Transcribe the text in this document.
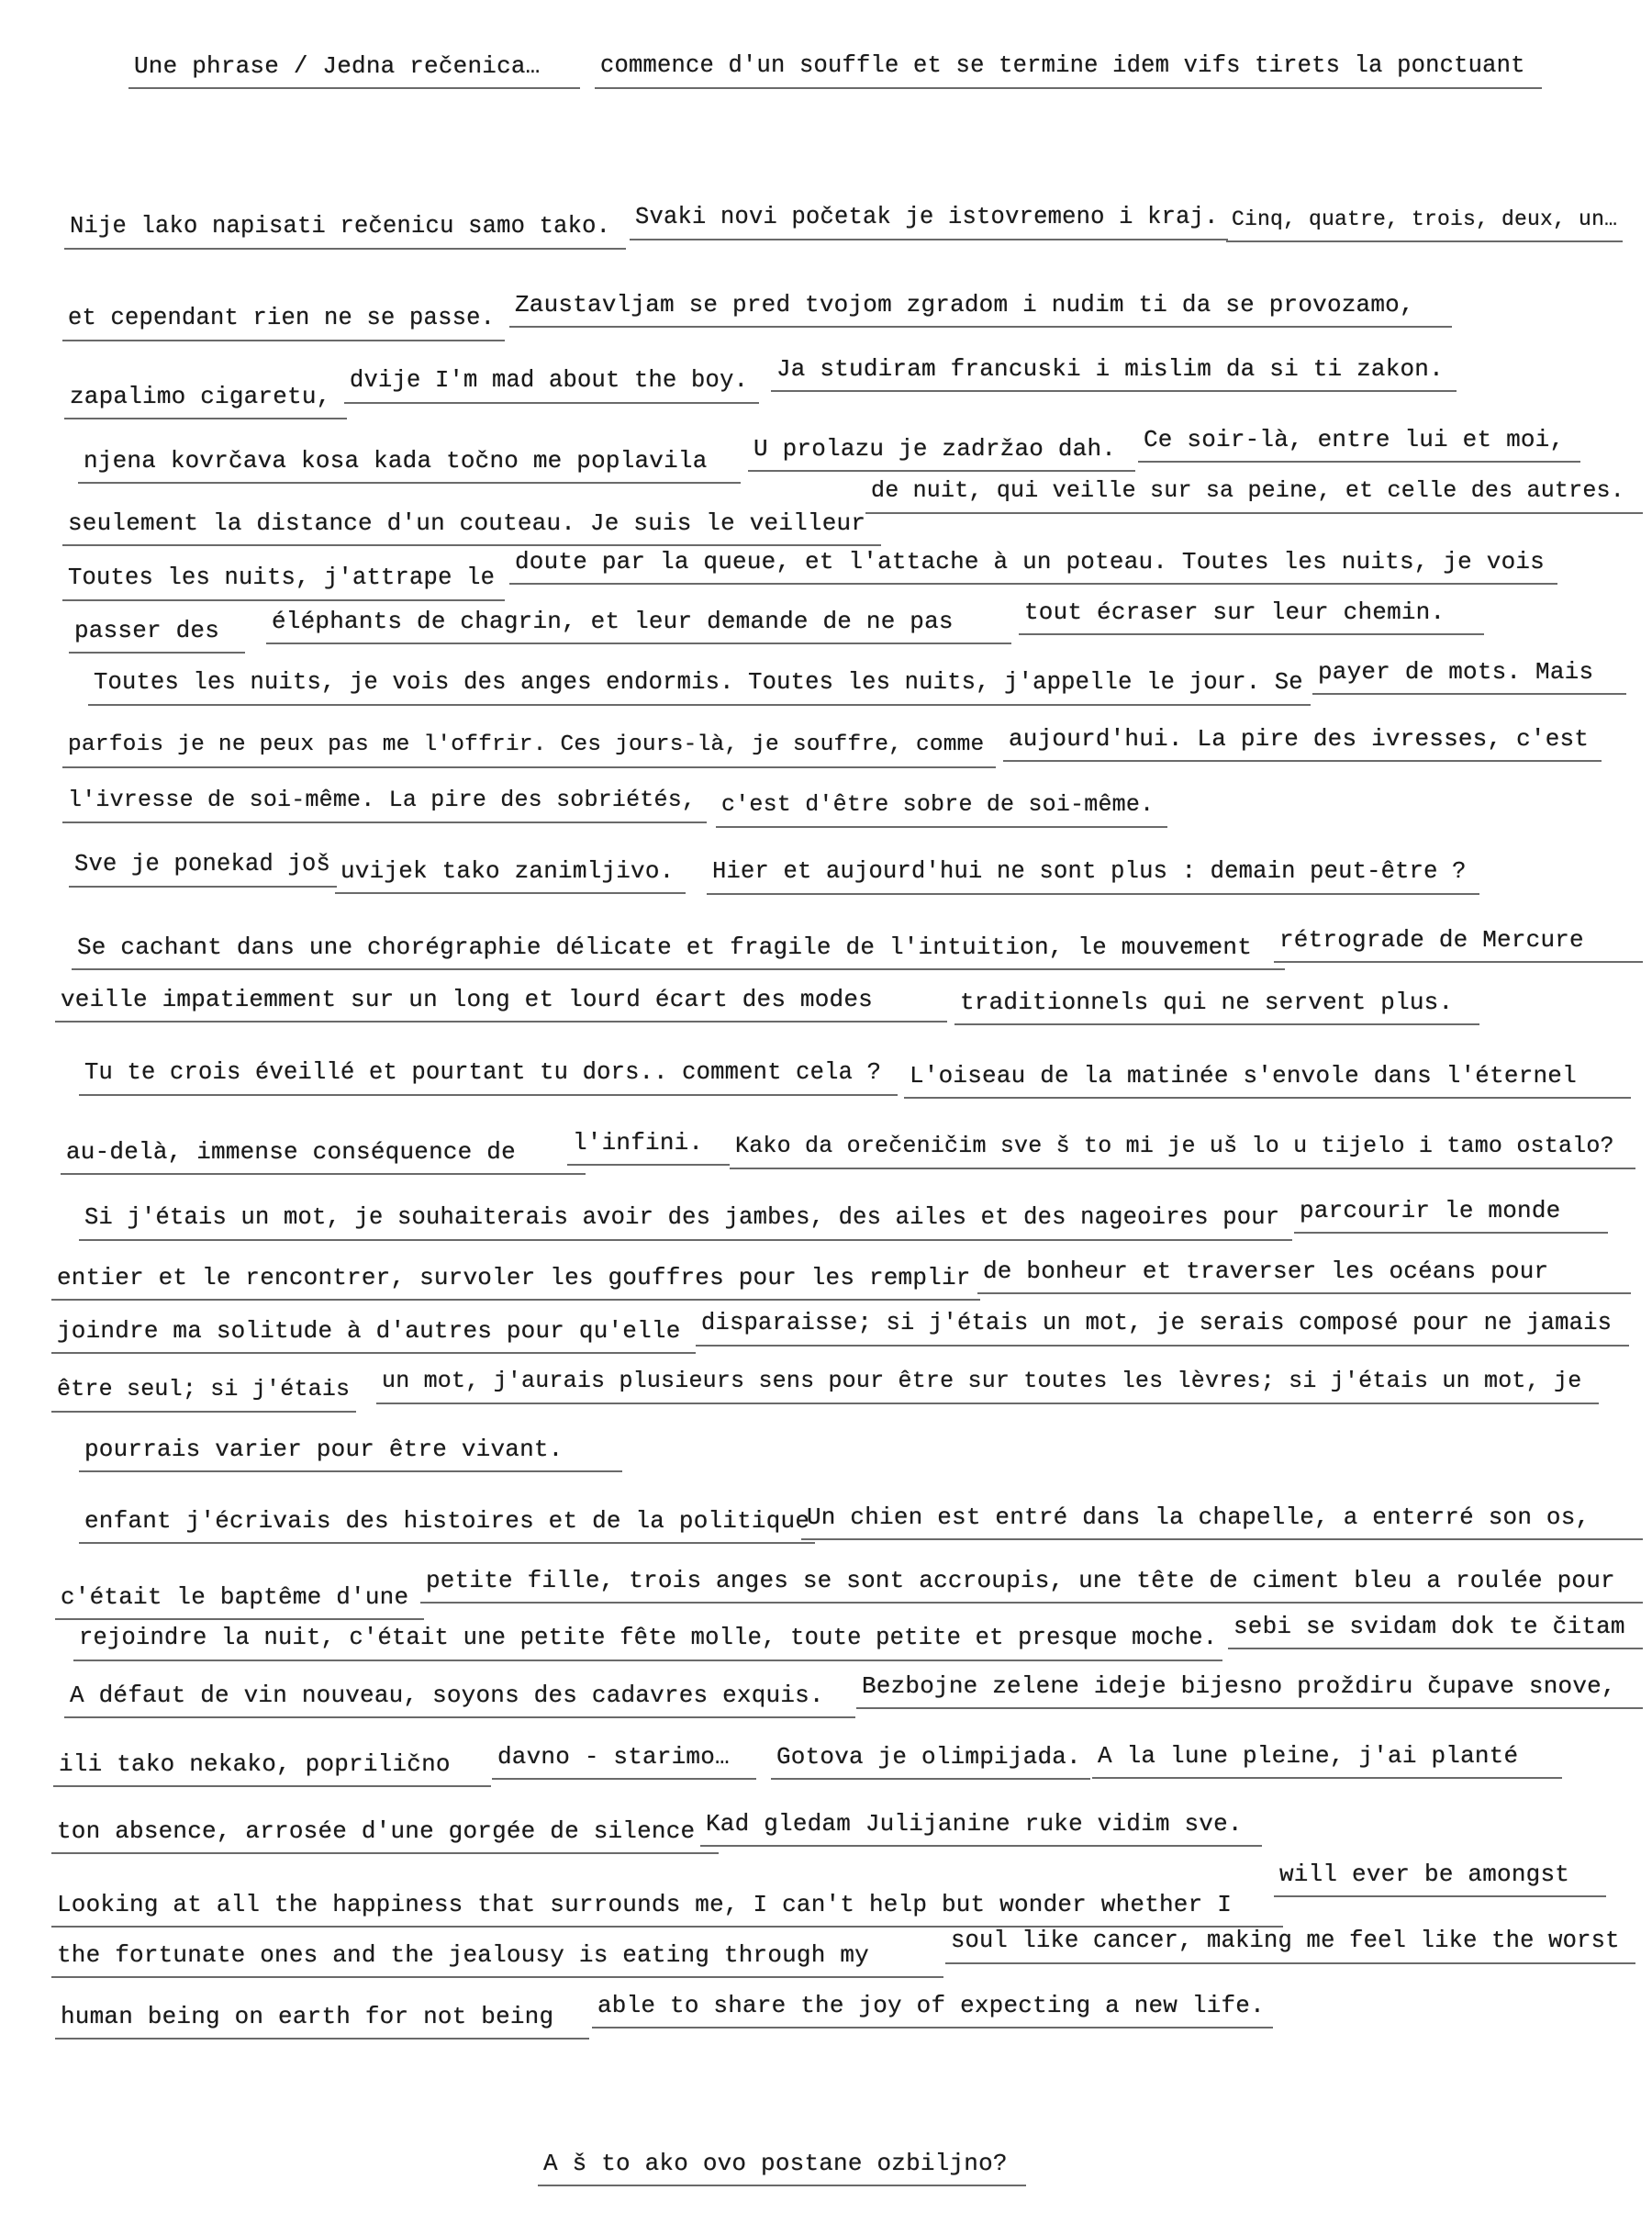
Une phrase / Jedna rečenica…	commence d'un souffle et se termine idem vifs tirets la ponctuant
Nije lako napisati rečenicu samo tako.	Svaki novi početak je istovremeno i kraj. Cinq, quatre, trois, deux, un…
et cependant rien ne se passe. Zaustavljam se pred tvojom zgradom i nudim ti da se provozamo,
zapalimo cigaretu,
dvije I'm mad about the boy.	Ja studiram francuski i mislim da si ti zakon.
njena kovrčava kosa kada točno me poplavila	U prolazu je zadržao dah.	Ce soir-là, entre lui et moi,
seulement la distance d'un couteau. Je suis le veilleur
de nuit, qui veille sur sa peine, et celle des autres.
Toutes les nuits, j'attrape le
doute par la queue, et l'attache à un poteau. Toutes les nuits, je vois
passer des	éléphants de chagrin, et leur demande de ne pas	tout écraser sur leur chemin.
Toutes les nuits, je vois des anges endormis. Toutes les nuits, j'appelle le jour. Se payer de mots. Mais
parfois je ne peux pas me l'offrir. Ces jours-là, je souffre, comme	aujourd'hui. La pire des ivresses, c'est
l'ivresse de soi-même. La pire des sobriétés,	c'est d'être sobre de soi-même.
Sve je ponekad još uvijek tako zanimljivo.	Hier et aujourd'hui ne sont plus : demain peut-être ?
Se cachant dans une chorégraphie délicate et fragile de l'intuition, le mouvement	rétrograde de Mercure
veille impatiemment sur un long et lourd écart des modes	traditionnels qui ne servent plus.
Tu te crois éveillé et pourtant tu dors.. comment cela ?	L'oiseau de la matinée s'envole dans l'éternel
au-delà, immense conséquence de	l'infini.	Kako da orečeničim sve š to mi je uš lo u tijelo i tamo ostalo?
Si j'étais un mot, je souhaiterais avoir des jambes, des ailes et des nageoires pour parcourir le monde
entier et le rencontrer, survoler les gouffres pour les remplir de bonheur et traverser les océans pour
joindre ma solitude à d'autres pour qu'elle disparaisse; si j'étais un mot, je serais composé pour ne jamais
être seul; si j'étais un mot, j'aurais plusieurs sens pour être sur toutes les lèvres; si j'étais un mot, je
pourrais varier pour être vivant.
enfant j'écrivais des histoires et de la politique
Un chien est entré dans la chapelle, a enterré son os,
c'était le baptême d'une
petite fille, trois anges se sont accroupis, une tête de ciment bleu a roulée pour
rejoindre la nuit, c'était une petite fête molle, toute petite et presque moche. sebi se svidam dok te čitam
A défaut de vin nouveau, soyons des cadavres exquis.	Bezbojne zelene ideje bijesno proždiru čupave snove,
ili tako nekako, poprilično	davno - starimo…	Gotova je olimpijada. A la lune pleine, j'ai planté
ton absence, arrosée d'une gorgée de silence Kad gledam Julijanine ruke vidim sve.
Looking at all the happiness that surrounds me, I can't help but wonder whether I
will ever be amongst
the fortunate ones and the jealousy is eating through my
soul like cancer, making me feel like the worst
human being on earth for not being	able to share the joy of expecting a new life.
A š to ako ovo postane ozbiljno?
